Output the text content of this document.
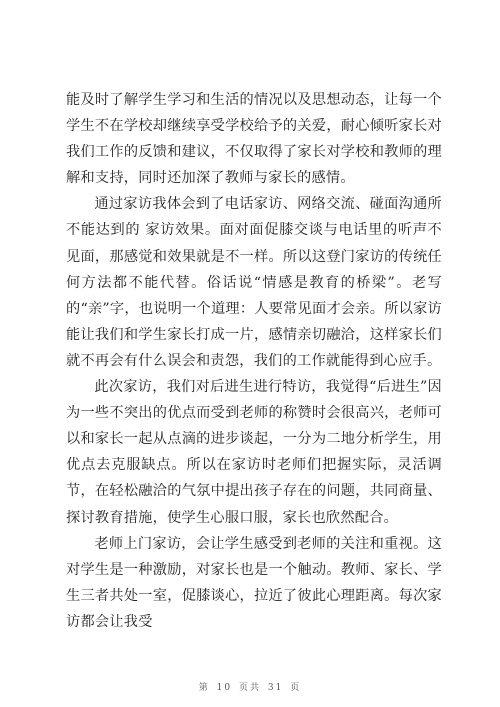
能及时了解学生学习和生活的情况以及思想动态，让每一个学生不在学校却继续享受学校给予的关爱，耐心倾听家长对我们工作的反馈和建议，不仅取得了家长对学校和教师的理解和支持，同时还加深了教师与家长的感情。

通过家访我体会到了电话家访、网络交流、碰面沟通所不能达到的 家访效果。面对面促膝交谈与电话里的听声不见面，那感觉和效果就是不一样。所以这登门家访的传统任何方法都不能代替。俗话说“情感是教育的桥梁”。老写的“亲”字，也说明一个道理：人要常见面才会亲。所以家访能让我们和学生家长打成一片，感情亲切融洽，这样家长们就不再会有什么误会和责怨，我们的工作就能得到心应手。

此次家访，我们对后进生进行特访，我觉得“后进生”因为一些不突出的优点而受到老师的称赞时会很高兴，老师可以和家长一起从点滴的进步谈起，一分为二地分析学生，用优点去克服缺点。所以在家访时老师们把握实际，灵活调节，在轻松融洽的气氛中提出孩子存在的问题，共同商量、探讨教育措施，使学生心服口服，家长也欣然配合。

老师上门家访，会让学生感受到老师的关注和重视。这对学生是一种激励，对家长也是一个触动。教师、家长、学生三者共处一室，促膝谈心，拉近了彼此心理距离。每次家访都会让我受

第 10 页共 31 页
